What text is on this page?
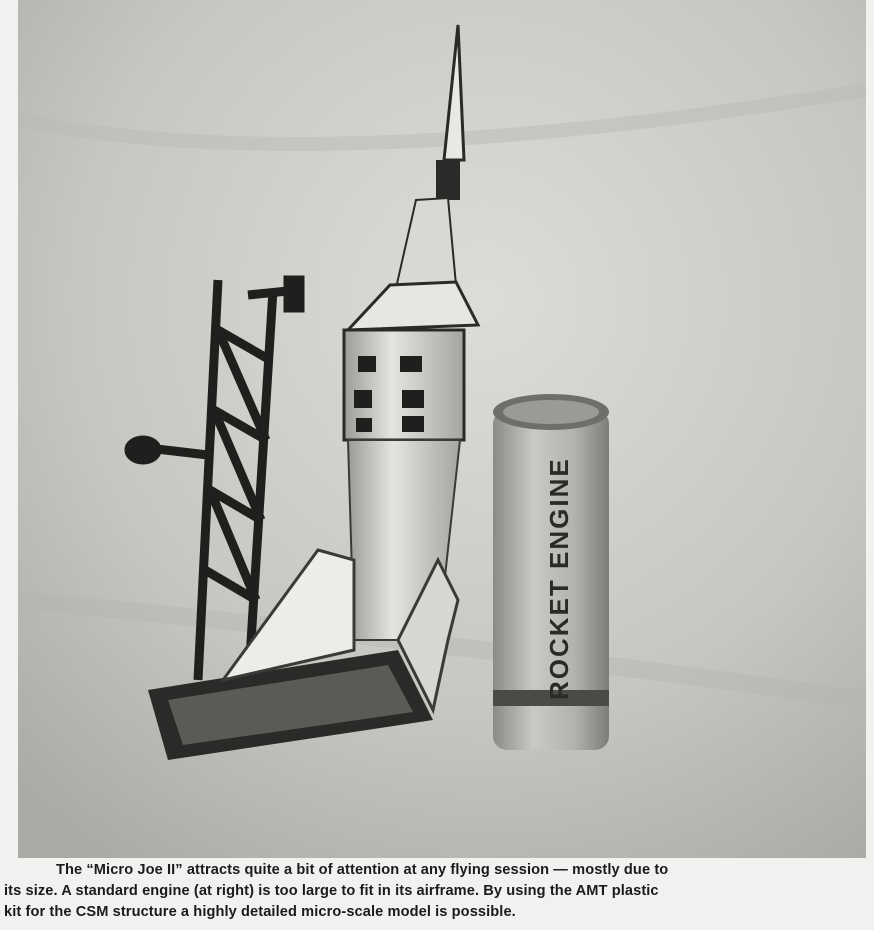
ROCKET ENGINE
The “Micro Joe II” attracts quite a bit of attention at any flying session — mostly due to
its size. A standard engine (at right) is too large to fit in its airframe. By using the AMT plastic
kit for the CSM structure a highly detailed micro-scale model is possible.
